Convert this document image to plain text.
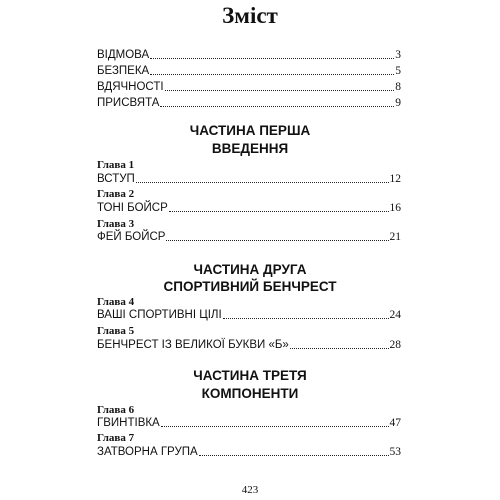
Зміст
ВІДМОВА	3
БЕЗПЕКА	5
ВДЯЧНОСТІ	8
ПРИСВЯТА	9
ЧАСТИНА ПЕРША
ВВЕДЕННЯ
Глава 1
ВСТУП	12
Глава 2
ТОНІ БОЙСР	16
Глава 3
ФЕЙ БОЙСР	21
ЧАСТИНА ДРУГА
СПОРТИВНИЙ БЕНЧРЕСТ
Глава 4
ВАШІ СПОРТИВНІ ЦІЛІ	24
Глава 5
БЕНЧРЕСТ ІЗ ВЕЛИКОЇ БУКВИ «Б»	28
ЧАСТИНА ТРЕТЯ
КОМПОНЕНТИ
Глава 6
ГВИНТІВКА	47
Глава 7
ЗАТВОРНА ГРУПА	53
423
